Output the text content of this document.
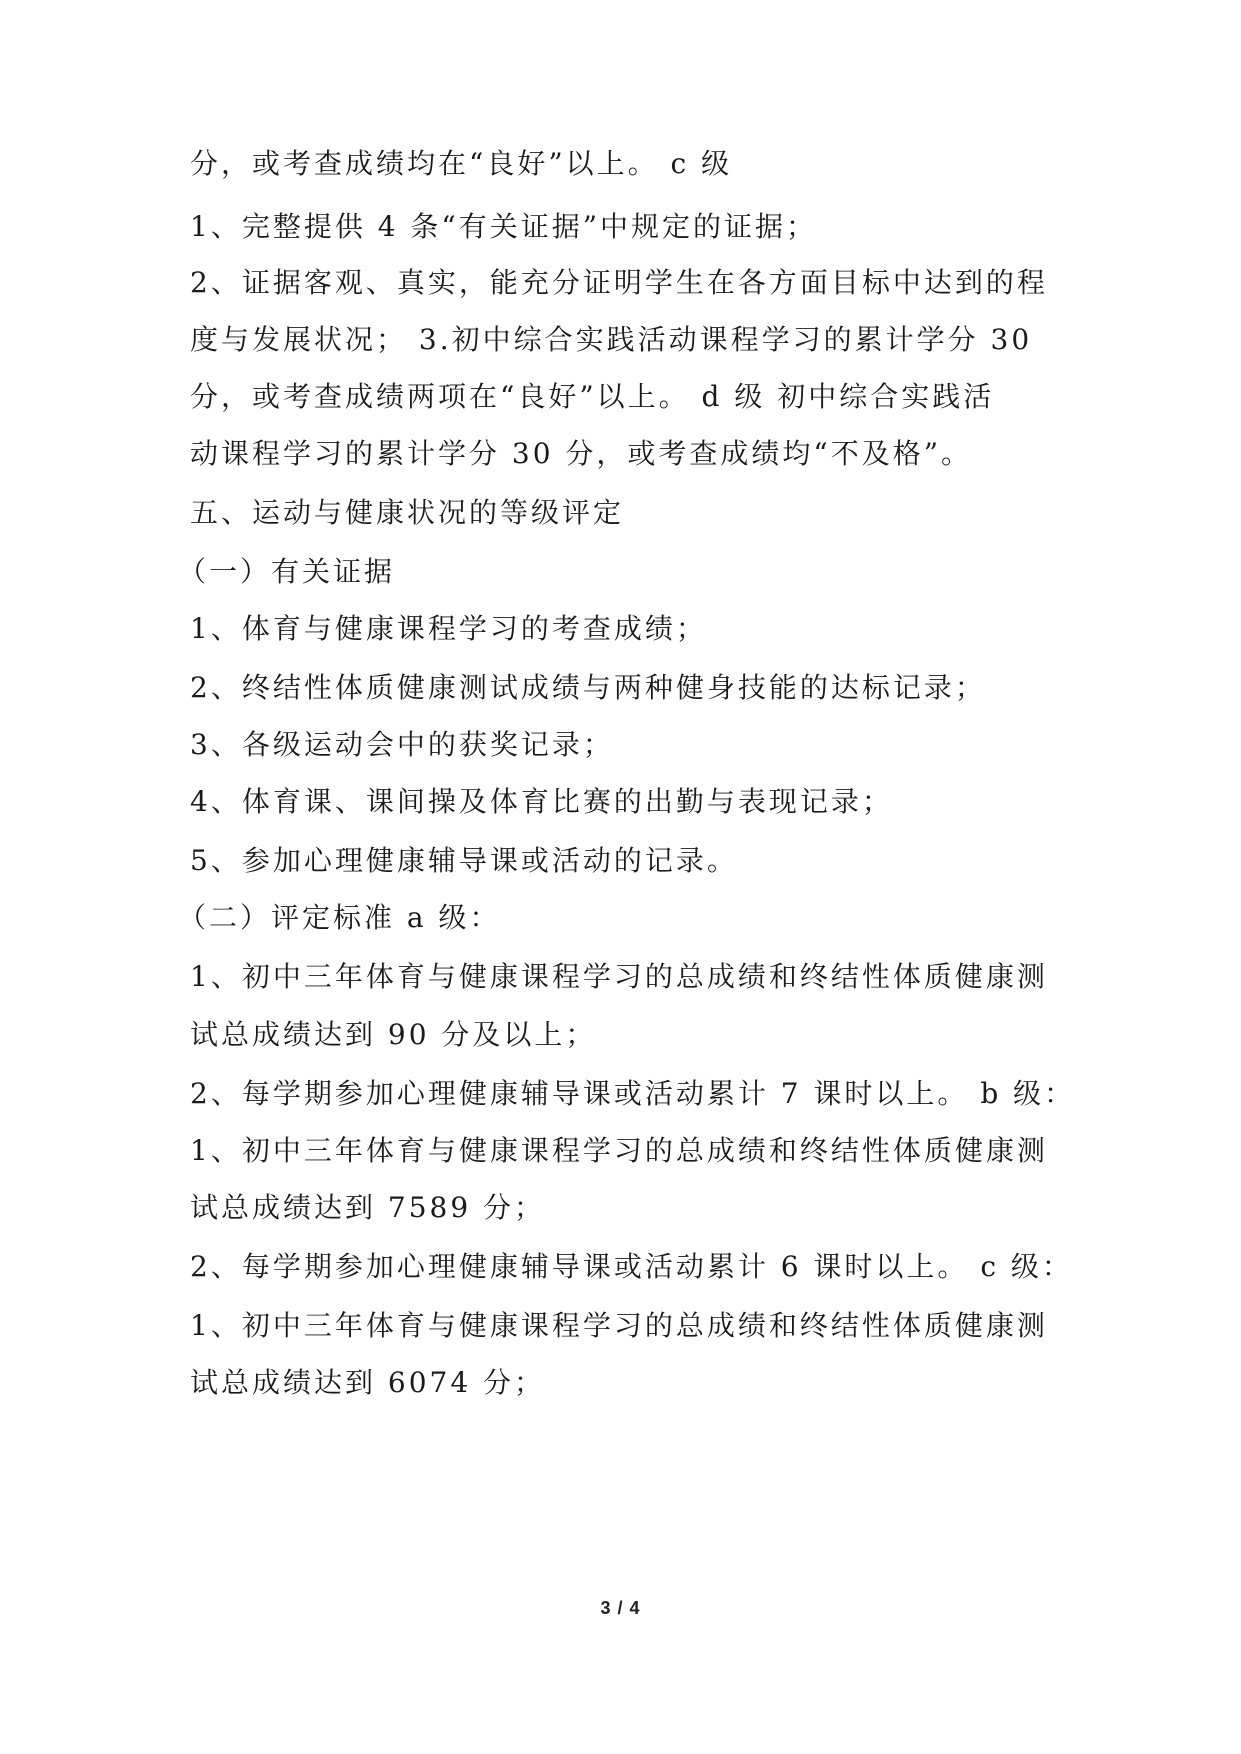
分，或考查成绩均在“良好”以上。 c 级
1、完整提供 4 条“有关证据”中规定的证据；
2、证据客观、真实，能充分证明学生在各方面目标中达到的程
度与发展状况； 3.初中综合实践活动课程学习的累计学分 30
分，或考查成绩两项在“良好”以上。 d 级 初中综合实践活
动课程学习的累计学分 30 分，或考查成绩均“不及格”。
五、运动与健康状况的等级评定
（一）有关证据
1、体育与健康课程学习的考查成绩；
2、终结性体质健康测试成绩与两种健身技能的达标记录；
3、各级运动会中的获奖记录；
4、体育课、课间操及体育比赛的出勤与表现记录；
5、参加心理健康辅导课或活动的记录。
（二）评定标准 a 级：
1、初中三年体育与健康课程学习的总成绩和终结性体质健康测
试总成绩达到 90 分及以上；
2、每学期参加心理健康辅导课或活动累计 7 课时以上。 b 级：
1、初中三年体育与健康课程学习的总成绩和终结性体质健康测
试总成绩达到 7589 分；
2、每学期参加心理健康辅导课或活动累计 6 课时以上。 c 级：
1、初中三年体育与健康课程学习的总成绩和终结性体质健康测
试总成绩达到 6074 分；
3 / 4
